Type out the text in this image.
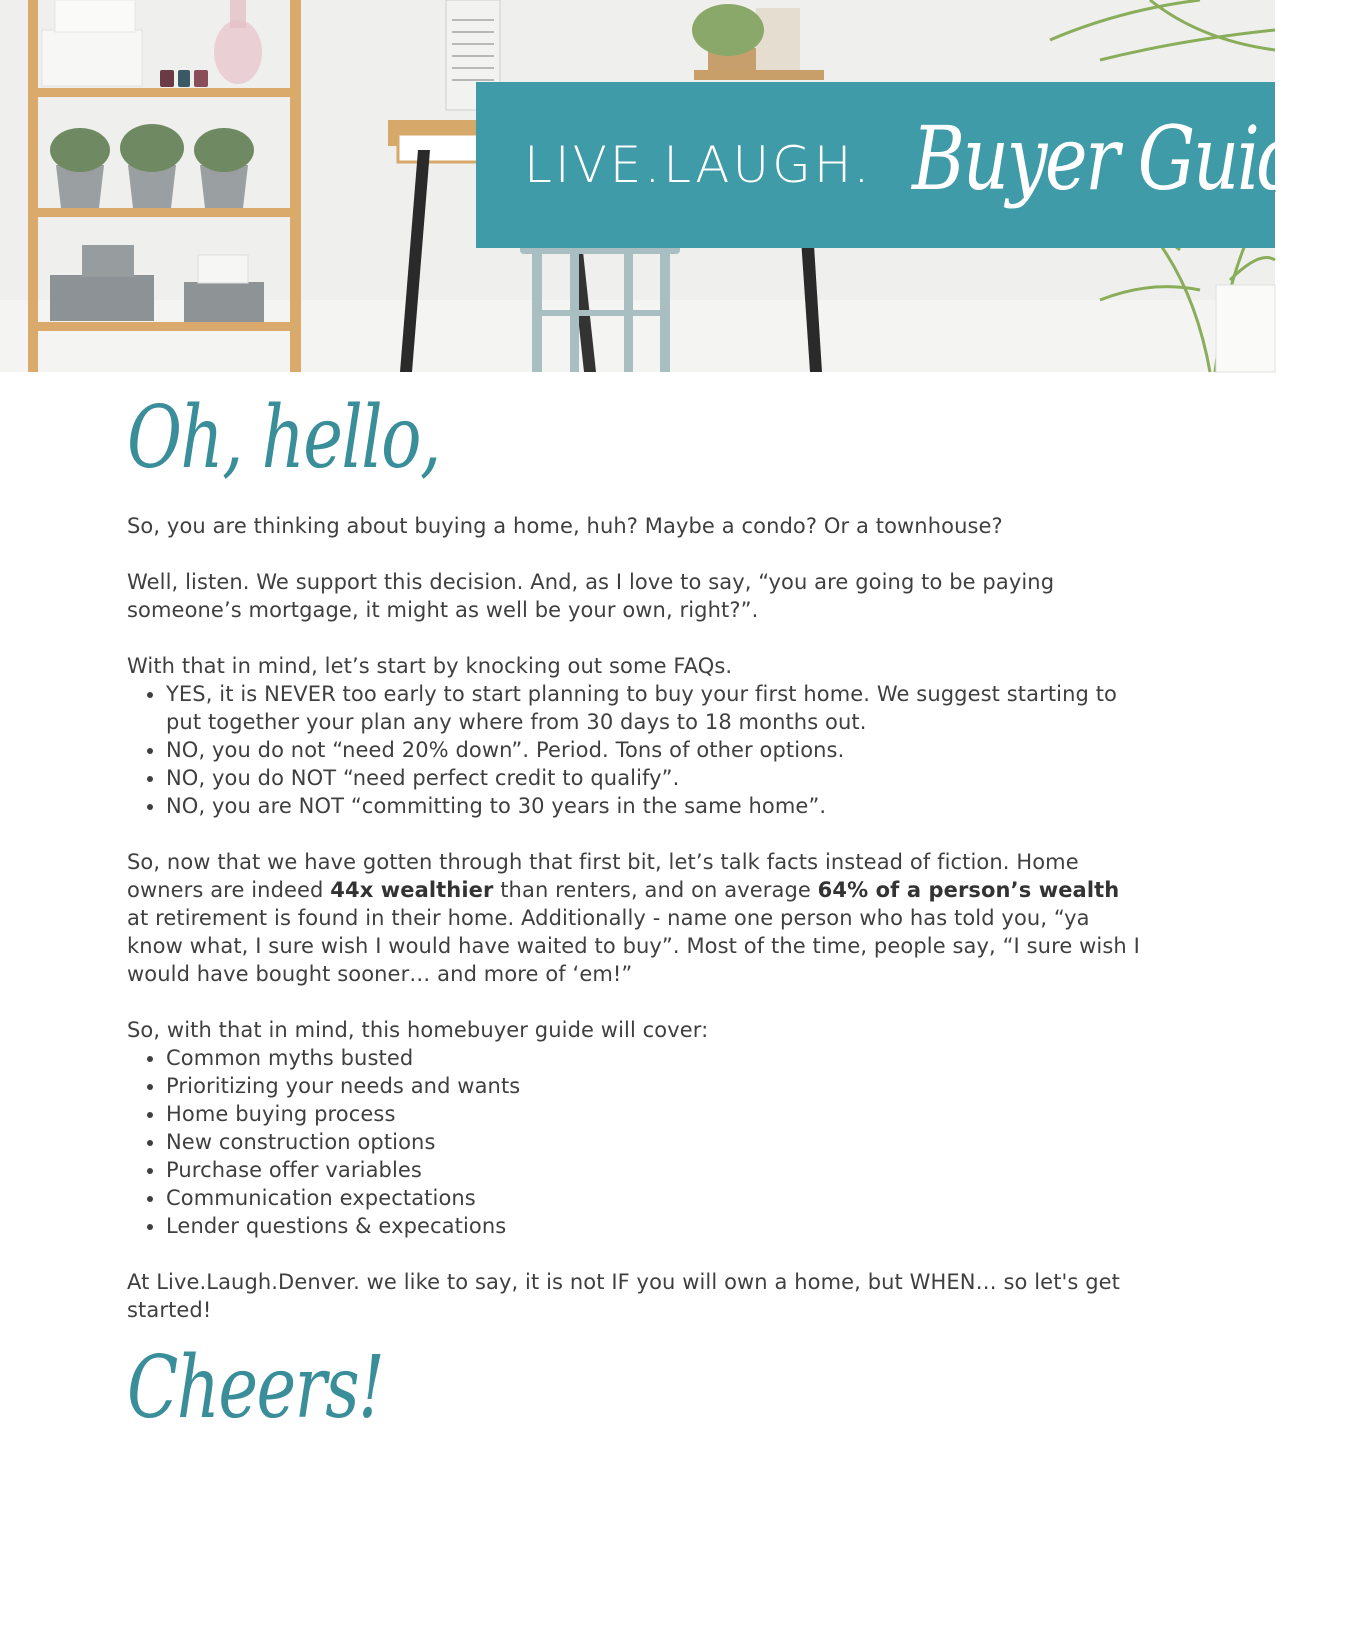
LIVE.LAUGH. Buyer Guide.
Oh, hello,

So, you are thinking about buying a home, huh? Maybe a condo? Or a townhouse?

Well, listen. We support this decision. And, as I love to say, “you are going to be paying someone’s mortgage, it might as well be your own, right?”.

With that in mind, let’s start by knocking out some FAQs.

• YES, it is NEVER too early to start planning to buy your first home. We suggest starting to put together your plan any where from 30 days to 18 months out.
• NO, you do not “need 20% down”. Period. Tons of other options.
• NO, you do NOT “need perfect credit to qualify”.
• NO, you are NOT “committing to 30 years in the same home”.

So, now that we have gotten through that first bit, let’s talk facts instead of fiction. Home owners are indeed 44x wealthier than renters, and on average 64% of a person’s wealth at retirement is found in their home. Additionally - name one person who has told you, “ya know what, I sure wish I would have waited to buy”. Most of the time, people say, “I sure wish I would have bought sooner… and more of ‘em!”

So, with that in mind, this homebuyer guide will cover:

• Common myths busted
• Prioritizing your needs and wants
• Home buying process
• New construction options
• Purchase offer variables
• Communication expectations
• Lender questions & expecations

At Live.Laugh.Denver. we like to say, it is not IF you will own a home, but WHEN… so let's get started!

Cheers!
